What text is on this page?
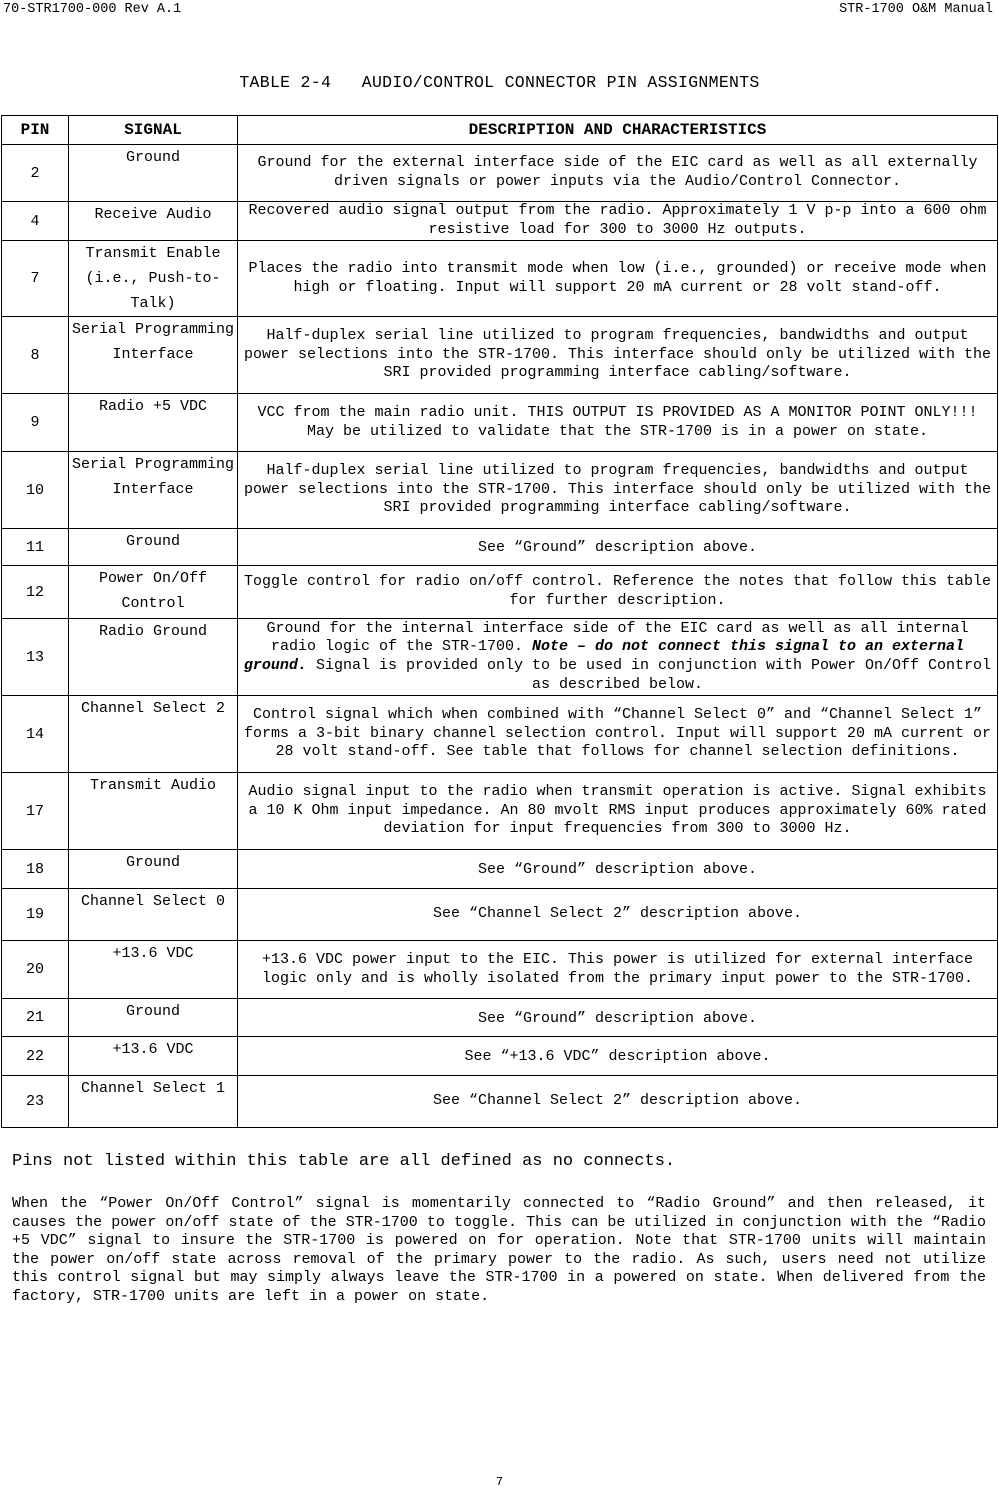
70-STR1700-000 Rev A.1	STR-1700 O&M Manual
TABLE 2-4   AUDIO/CONTROL CONNECTOR PIN ASSIGNMENTS
PIN	SIGNAL	DESCRIPTION AND CHARACTERISTICS
2	Ground	Ground for the external interface side of the EIC card as well as all externally driven signals or power inputs via the Audio/Control Connector.
4	Receive Audio	Recovered audio signal output from the radio. Approximately 1 V p-p into a 600 ohm resistive load for 300 to 3000 Hz outputs.
7	Transmit Enable (i.e., Push-to-Talk)	Places the radio into transmit mode when low (i.e., grounded) or receive mode when high or floating. Input will support 20 mA current or 28 volt stand-off.
8	Serial Programming Interface	Half-duplex serial line utilized to program frequencies, bandwidths and output power selections into the STR-1700. This interface should only be utilized with the SRI provided programming interface cabling/software.
9	Radio +5 VDC	VCC from the main radio unit. THIS OUTPUT IS PROVIDED AS A MONITOR POINT ONLY!!! May be utilized to validate that the STR-1700 is in a power on state.
10	Serial Programming Interface	Half-duplex serial line utilized to program frequencies, bandwidths and output power selections into the STR-1700. This interface should only be utilized with the SRI provided programming interface cabling/software.
11	Ground	See “Ground” description above.
12	Power On/Off Control	Toggle control for radio on/off control. Reference the notes that follow this table for further description.
13	Radio Ground	Ground for the internal interface side of the EIC card as well as all internal radio logic of the STR-1700. Note – do not connect this signal to an external ground. Signal is provided only to be used in conjunction with Power On/Off Control as described below.
14	Channel Select 2	Control signal which when combined with “Channel Select 0” and “Channel Select 1” forms a 3-bit binary channel selection control. Input will support 20 mA current or 28 volt stand-off. See table that follows for channel selection definitions.
17	Transmit Audio	Audio signal input to the radio when transmit operation is active. Signal exhibits a 10 K Ohm input impedance. An 80 mvolt RMS input produces approximately 60% rated deviation for input frequencies from 300 to 3000 Hz.
18	Ground	See “Ground” description above.
19	Channel Select 0	See “Channel Select 2” description above.
20	+13.6 VDC	+13.6 VDC power input to the EIC. This power is utilized for external interface logic only and is wholly isolated from the primary input power to the STR-1700.
21	Ground	See “Ground” description above.
22	+13.6 VDC	See “+13.6 VDC” description above.
23	Channel Select 1	See “Channel Select 2” description above.
Pins not listed within this table are all defined as no connects.

When the “Power On/Off Control” signal is momentarily connected to “Radio Ground” and then released, it causes the power on/off state of the STR-1700 to toggle. This can be utilized in conjunction with the “Radio +5 VDC” signal to insure the STR-1700 is powered on for operation. Note that STR-1700 units will maintain the power on/off state across removal of the primary power to the radio. As such, users need not utilize this control signal but may simply always leave the STR-1700 in a powered on state. When delivered from the factory, STR-1700 units are left in a power on state.

7
